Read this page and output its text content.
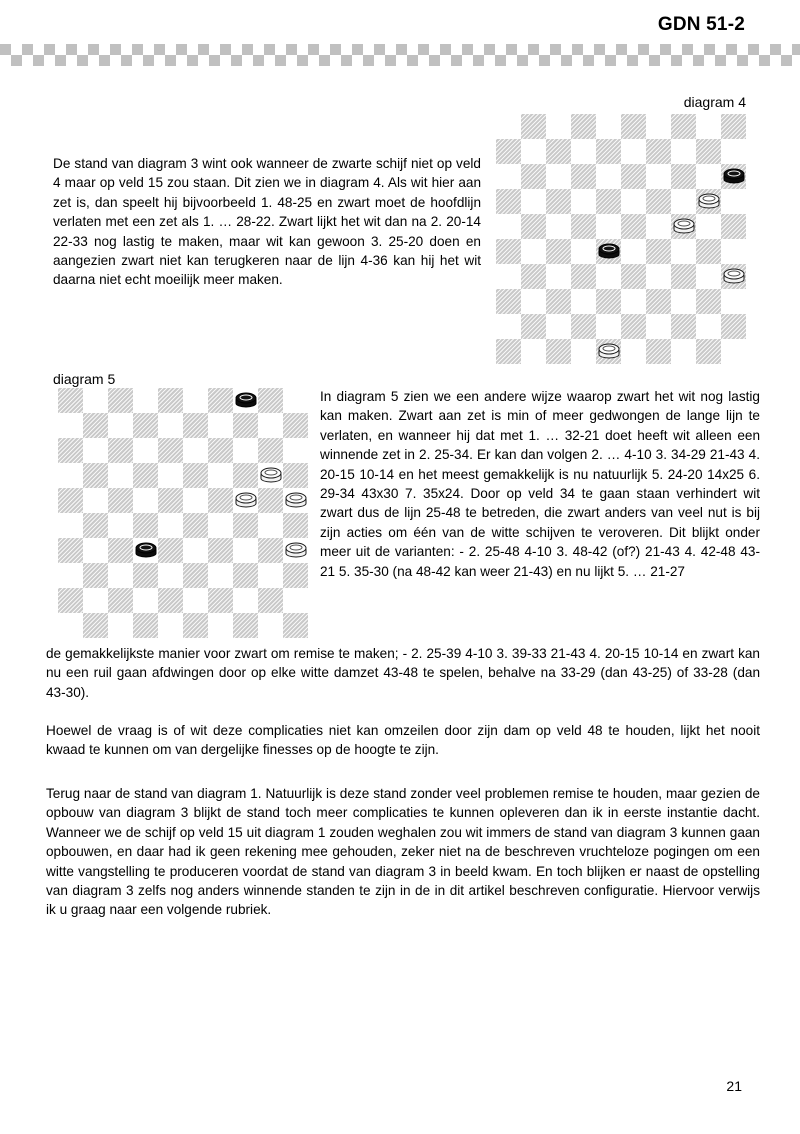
GDN 51-2
diagram 4
De stand van diagram 3 wint ook wanneer de zwarte schijf niet op veld 4 maar op veld 15 zou staan. Dit zien we in diagram 4. Als wit hier aan zet is, dan speelt hij bijvoorbeeld 1. 48-25 en zwart moet de hoofdlijn verlaten met een zet als 1. … 28-22. Zwart lijkt het wit dan na 2. 20-14 22-33 nog lastig te maken, maar wit kan gewoon 3. 25-20 doen en aangezien zwart niet kan terugkeren naar de lijn 4-36 kan hij het wit daarna niet echt moeilijk meer maken.
diagram 5
In diagram 5 zien we een andere wijze waarop zwart het wit nog lastig kan maken. Zwart aan zet is min of meer gedwongen de lange lijn te verlaten, en wanneer hij dat met 1. … 32-21 doet heeft wit alleen een winnende zet in 2. 25-34. Er kan dan volgen 2. … 4-10 3. 34-29 21-43 4. 20-15 10-14 en het meest gemakkelijk is nu natuurlijk 5. 24-20 14x25 6. 29-34 43x30 7. 35x24. Door op veld 34 te gaan staan verhindert wit zwart dus de lijn 25-48 te betreden, die zwart anders van veel nut is bij zijn acties om één van de witte schijven te veroveren. Dit blijkt onder meer uit de varianten: - 2. 25-48 4-10 3. 48-42 (of?) 21-43 4. 42-48 43-21 5. 35-30 (na 48-42 kan weer 21-43) en nu lijkt 5. … 21-27
de gemakkelijkste manier voor zwart om remise te maken; - 2. 25-39 4-10 3. 39-33 21-43 4. 20-15 10-14 en zwart kan nu een ruil gaan afdwingen door op elke witte damzet 43-48 te spelen, behalve na 33-29 (dan 43-25) of 33-28 (dan 43-30).
Hoewel de vraag is of wit deze complicaties niet kan omzeilen door zijn dam op veld 48 te houden, lijkt het nooit kwaad te kunnen om van dergelijke finesses op de hoogte te zijn.
Terug naar de stand van diagram 1. Natuurlijk is deze stand zonder veel problemen remise te houden, maar gezien de opbouw van diagram 3 blijkt de stand toch meer complicaties te kunnen opleveren dan ik in eerste instantie dacht. Wanneer we de schijf op veld 15 uit diagram 1 zouden weghalen zou wit immers de stand van diagram 3 kunnen gaan opbouwen, en daar had ik geen rekening mee gehouden, zeker niet na de beschreven vruchteloze pogingen om een witte vangstelling te produceren voordat de stand van diagram 3 in beeld kwam. En toch blijken er naast de opstelling van diagram 3 zelfs nog anders winnende standen te zijn in de in dit artikel beschreven configuratie. Hiervoor verwijs ik u graag naar een volgende rubriek.
21
